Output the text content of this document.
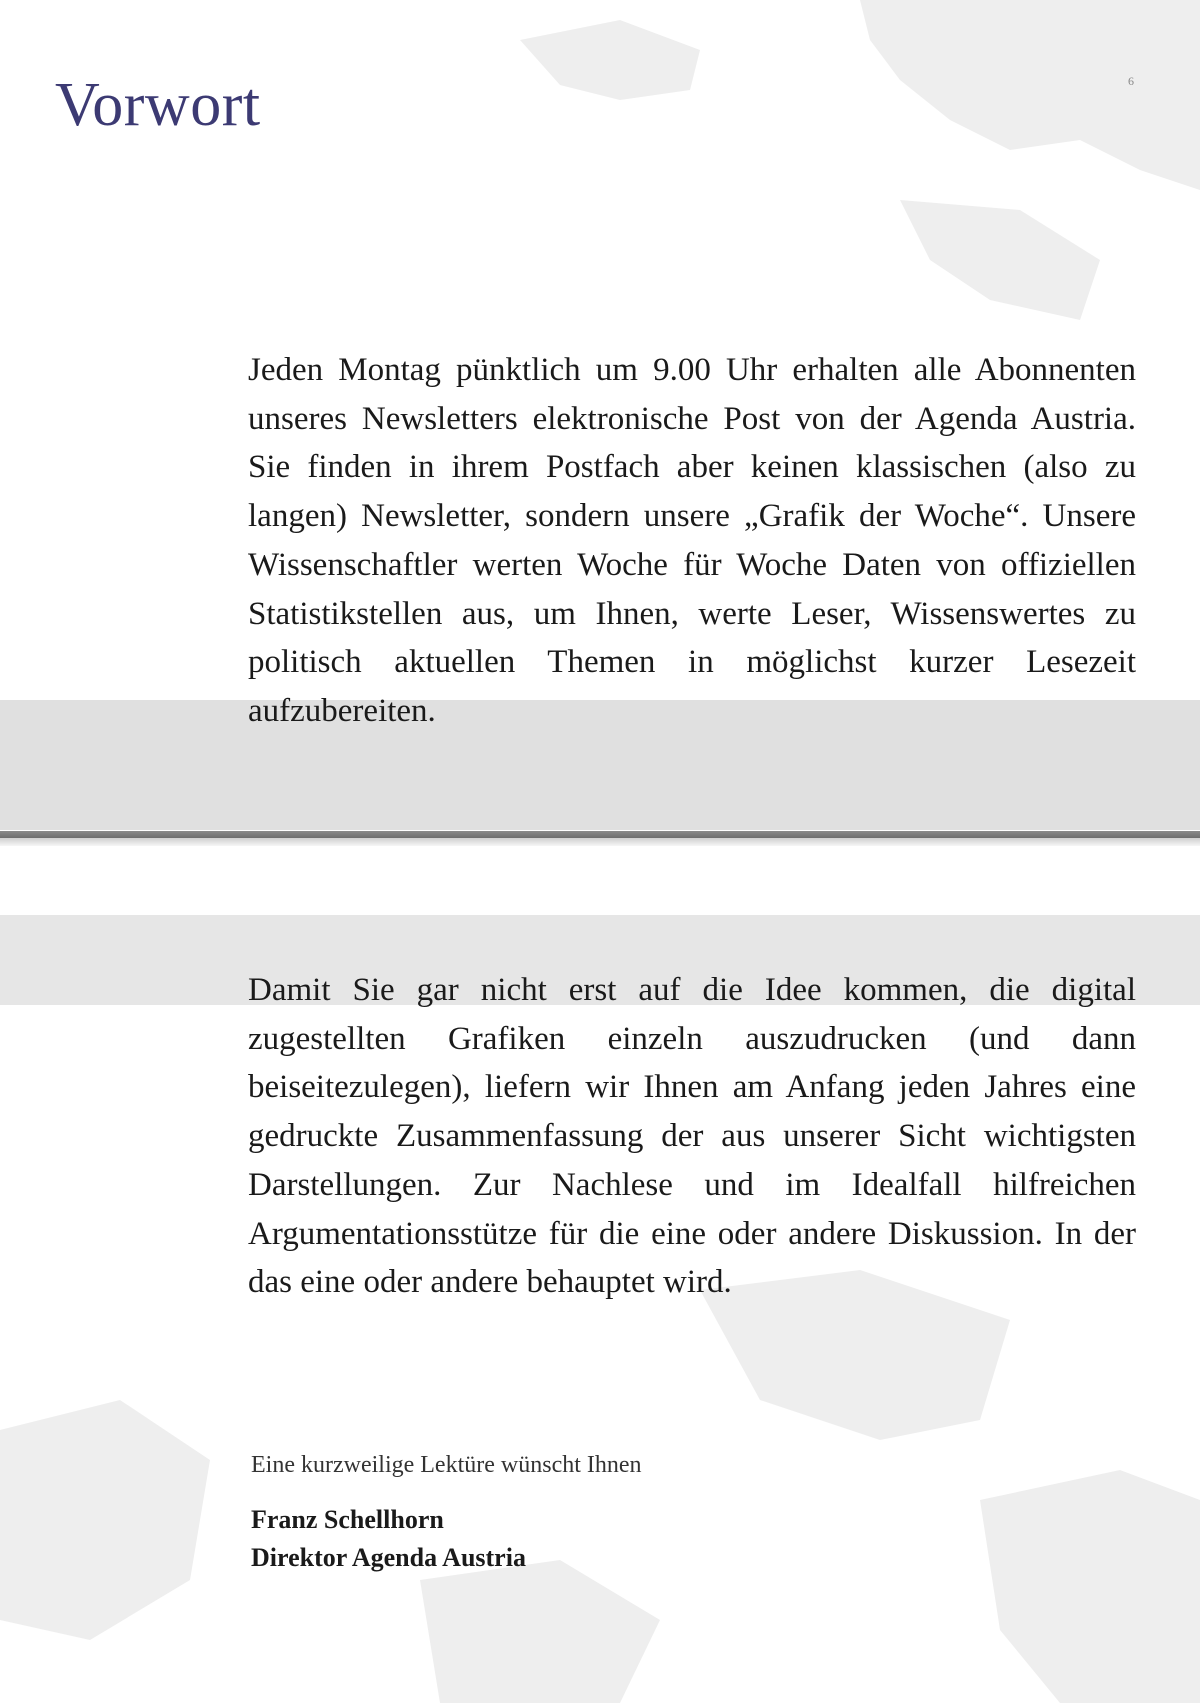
Vorwort	6

Jeden Montag pünktlich um 9.00 Uhr erhalten alle Abonnenten unseres Newsletters elektronische Post von der Agenda Austria. Sie finden in ihrem Postfach aber keinen klassischen (also zu langen) Newsletter, sondern unsere „Grafik der Woche“. Unsere Wissenschaftler werten Woche für Woche Daten von offiziellen Statistikstellen aus, um Ihnen, werte Leser, Wissenswertes zu politisch aktuellen Themen in möglichst kurzer Lesezeit aufzubereiten.

Damit Sie gar nicht erst auf die Idee kommen, die digital zugestellten Grafiken einzeln auszudrucken (und dann beiseitezulegen), liefern wir Ihnen am Anfang jeden Jahres eine gedruckte Zusammenfassung der aus unserer Sicht wichtigsten Darstellungen. Zur Nachlese und im Idealfall hilfreichen Argumentationsstütze für die eine oder andere Diskussion. In der das eine oder andere behauptet wird.

Eine kurzweilige Lektüre wünscht Ihnen

Franz Schellhorn

Direktor Agenda Austria
